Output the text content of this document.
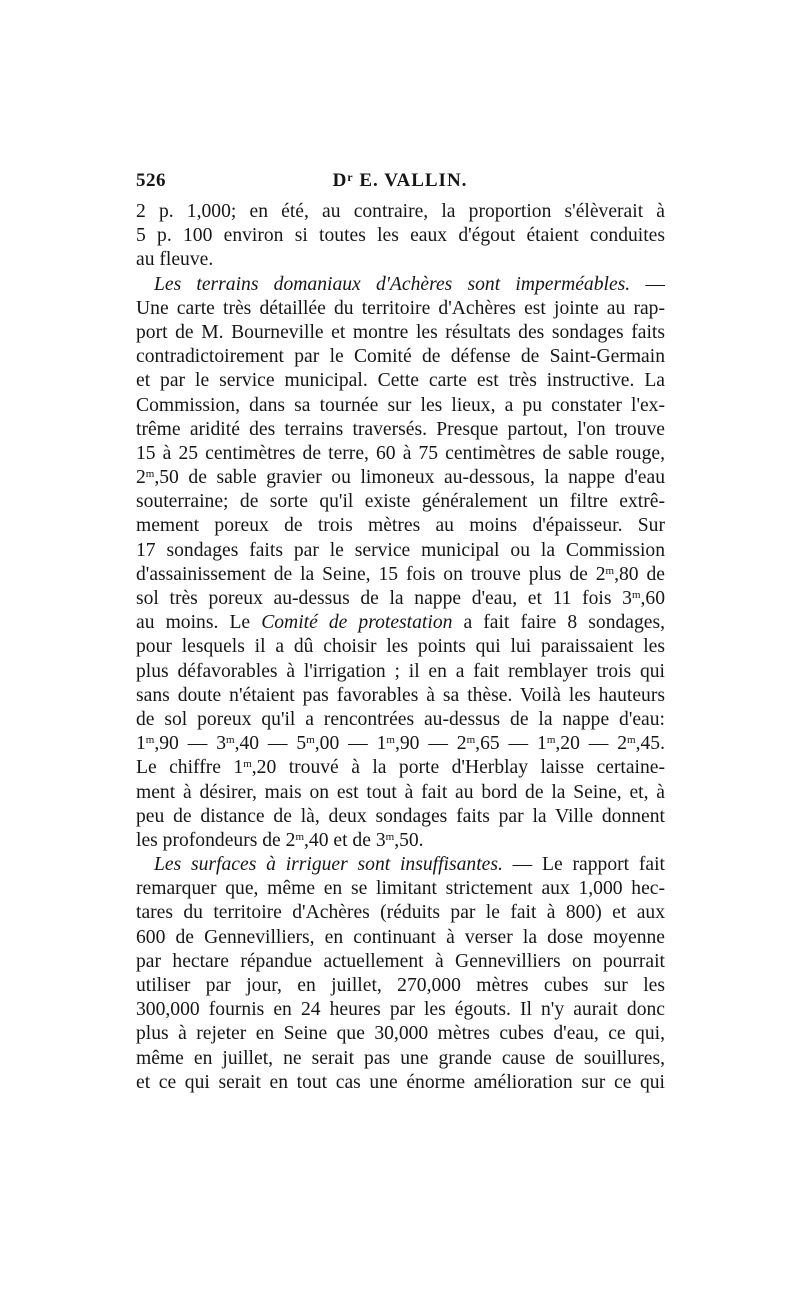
526	$D^r$ E. VALLIN.
2 p. 1,000; en été, au contraire, la proportion s'élèverait à
5 p. 100 environ si toutes les eaux d'égout étaient conduites
au fleuve.
Les terrains domaniaux d'Achères sont imperméables. —
Une carte très détaillée du territoire d'Achères est jointe au rap-
port de M. Bourneville et montre les résultats des sondages faits
contradictoirement par le Comité de défense de Saint-Germain
et par le service municipal. Cette carte est très instructive. La
Commission, dans sa tournée sur les lieux, a pu constater l'ex-
trême aridité des terrains traversés. Presque partout, l'on trouve
15 à 25 centimètres de terre, 60 à 75 centimètres de sable rouge,
2$^m$,50 de sable gravier ou limoneux au-dessous, la nappe d'eau
souterraine; de sorte qu'il existe généralement un filtre extrê-
mement poreux de trois mètres au moins d'épaisseur. Sur
17 sondages faits par le service municipal ou la Commission
d'assainissement de la Seine, 15 fois on trouve plus de 2$^m$,80 de
sol très poreux au-dessus de la nappe d'eau, et 11 fois 3$^m$,60
au moins. Le Comité de protestation a fait faire 8 sondages,
pour lesquels il a dû choisir les points qui lui paraissaient les
plus défavorables à l'irrigation ; il en a fait remblayer trois qui
sans doute n'étaient pas favorables à sa thèse. Voilà les hauteurs
de sol poreux qu'il a rencontrées au-dessus de la nappe d'eau:
1$^m$,90 — 3$^m$,40 — 5$^m$,00 — 1$^m$,90 — 2$^m$,65 — 1$^m$,20 — 2$^m$,45.
Le chiffre 1$^m$,20 trouvé à la porte d'Herblay laisse certaine-
ment à désirer, mais on est tout à fait au bord de la Seine, et, à
peu de distance de là, deux sondages faits par la Ville donnent
les profondeurs de 2$^m$,40 et de 3$^m$,50.
Les surfaces à irriguer sont insuffisantes. — Le rapport fait
remarquer que, même en se limitant strictement aux 1,000 hec-
tares du territoire d'Achères (réduits par le fait à 800) et aux
600 de Gennevilliers, en continuant à verser la dose moyenne
par hectare répandue actuellement à Gennevilliers on pourrait
utiliser par jour, en juillet, 270,000 mètres cubes sur les
300,000 fournis en 24 heures par les égouts. Il n'y aurait donc
plus à rejeter en Seine que 30,000 mètres cubes d'eau, ce qui,
même en juillet, ne serait pas une grande cause de souillures,
et ce qui serait en tout cas une énorme amélioration sur ce qui
